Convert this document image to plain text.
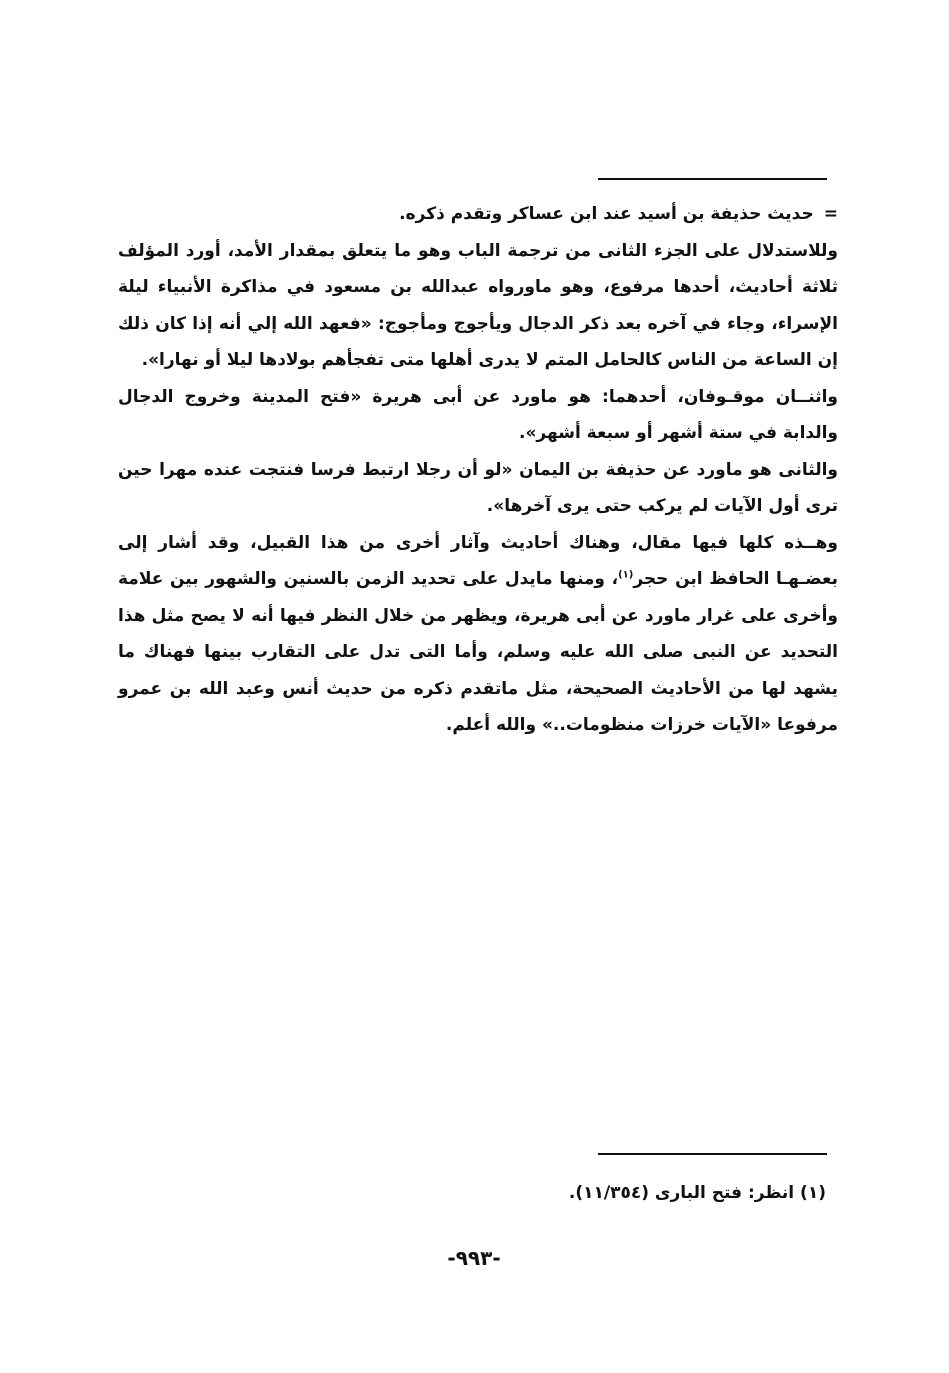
=حديث حذيفة بن أسيد عند ابن عساكر وتقدم ذكره.

وللاستدلال على الجزء الثانى من ترجمة الباب وهو ما يتعلق بمقدار الأمد، أورد المؤلف ثلاثة أحاديث، أحدها مرفوع، وهو ماورواه عبدالله بن مسعود في مذاكرة الأنبياء ليلة الإسراء، وجاء في آخره بعد ذكر الدجال ويأجوج ومأجوج: «فعهد الله إلي أنه إذا كان ذلك إن الساعة من الناس كالحامل المتم لا يدرى أهلها متى تفجأهم بولادها ليلا أو نهارا».

واثنــان موقـوفان، أحدهما: هو ماورد عن أبى هريرة «فتح المدينة وخروج الدجال والدابة في ستة أشهر أو سبعة أشهر».

والثانى هو ماورد عن حذيفة بن اليمان «لو أن رجلا ارتبط فرسا فنتجت عنده مهرا حين ترى أول الآيات لم يركب حتى يرى آخرها».

وهــذه كلها فيها مقال، وهناك أحاديث وآثار أخرى من هذا القبيل، وقد أشار إلى بعضـهـا الحافظ ابن حجر$^{(١)}$، ومنها مايدل على تحديد الزمن بالسنين والشهور بين علامة وأخرى على غرار ماورد عن أبى هريرة، ويظهر من خلال النظر فيها أنه لا يصح مثل هذا التحديد عن النبى صلى الله عليه وسلم، وأما التى تدل على التقارب بينها فهناك ما يشهد لها من الأحاديث الصحيحة، مثل ماتقدم ذكره من حديث أنس وعبد الله بن عمرو مرفوعا «الآيات خرزات منظومات..» والله أعلم.

(١) انظر: فتح البارى (١١/٣٥٤).
-٩٩٣-
